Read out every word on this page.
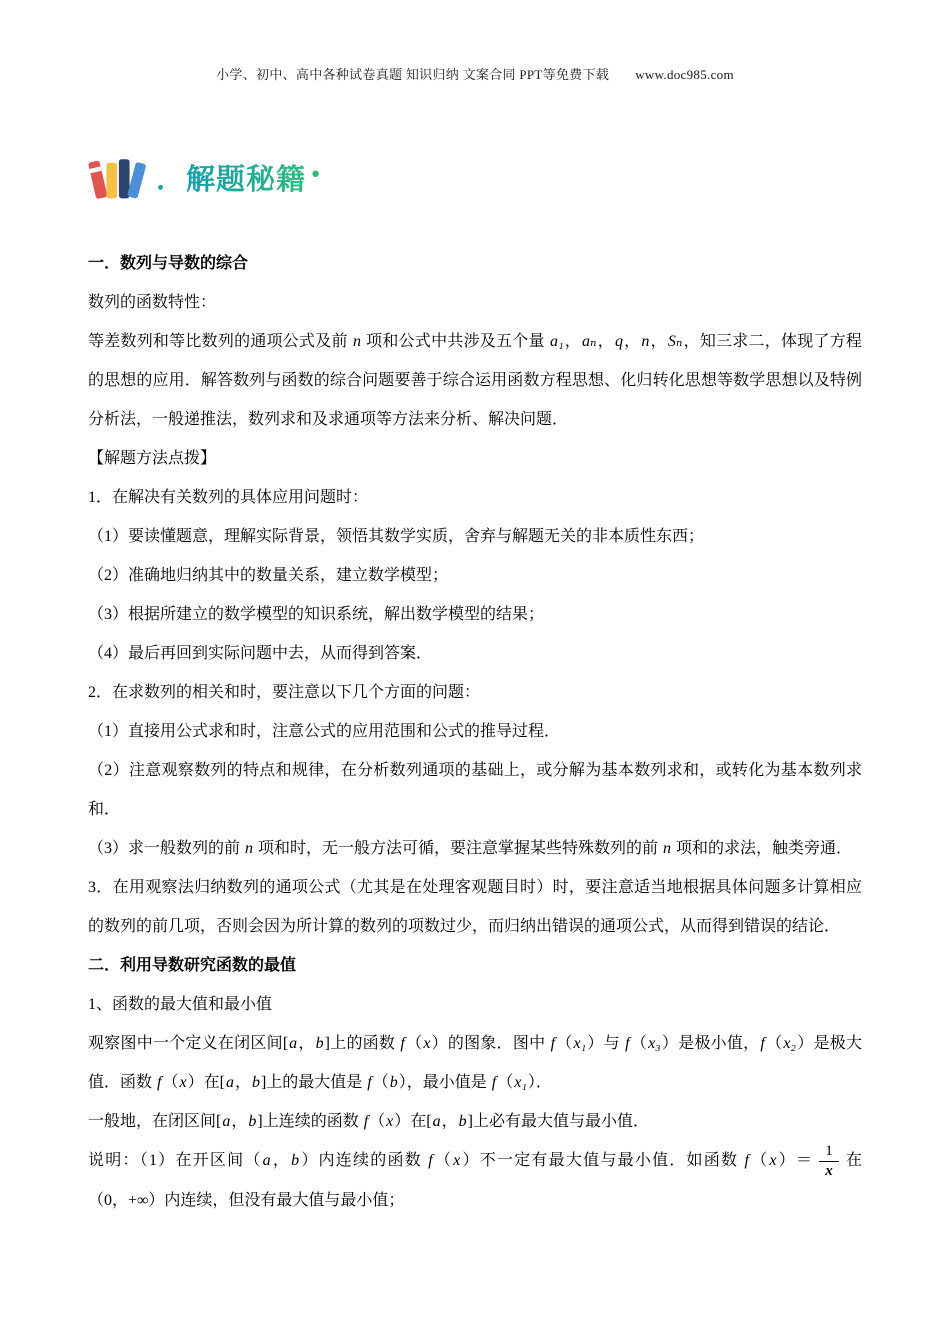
小学、初中、高中各种试卷真题 知识归纳 文案合同 PPT等免费下载 www.doc985.com
． 解题秘籍 ●
一．数列与导数的综合
数列的函数特性：
等差数列和等比数列的通项公式及前 n 项和公式中共涉及五个量 a₁，aₙ，q，n，Sₙ，知三求二，体现了方程的思想的应用．解答数列与函数的综合问题要善于综合运用函数方程思想、化归转化思想等数学思想以及特例分析法，一般递推法，数列求和及求通项等方法来分析、解决问题．
【解题方法点拨】
1．在解决有关数列的具体应用问题时：
（1）要读懂题意，理解实际背景，领悟其数学实质，舍弃与解题无关的非本质性东西；
（2）准确地归纳其中的数量关系，建立数学模型；
（3）根据所建立的数学模型的知识系统，解出数学模型的结果；
（4）最后再回到实际问题中去，从而得到答案．
2．在求数列的相关和时，要注意以下几个方面的问题：
（1）直接用公式求和时，注意公式的应用范围和公式的推导过程．
（2）注意观察数列的特点和规律，在分析数列通项的基础上，或分解为基本数列求和，或转化为基本数列求和．
（3）求一般数列的前 n 项和时，无一般方法可循，要注意掌握某些特殊数列的前 n 项和的求法，触类旁通．
3．在用观察法归纳数列的通项公式（尤其是在处理客观题目时）时，要注意适当地根据具体问题多计算相应的数列的前几项，否则会因为所计算的数列的项数过少，而归纳出错误的通项公式，从而得到错误的结论．
二．利用导数研究函数的最值
1、函数的最大值和最小值
观察图中一个定义在闭区间[a，b]上的函数 f（x）的图象．图中 f（x₁）与 f（x₃）是极小值，f（x₂）是极大值．函数 f（x）在[a，b]上的最大值是 f（b），最小值是 f（x₁）．
一般地，在闭区间[a，b]上连续的函数 f（x）在[a，b]上必有最大值与最小值．
说明：（1）在开区间（a，b）内连续的函数 f（x）不一定有最大值与最小值．如函数 $f(x)= \frac{1}{x}$ 在（0，+∞）内连续，但没有最大值与最小值；
